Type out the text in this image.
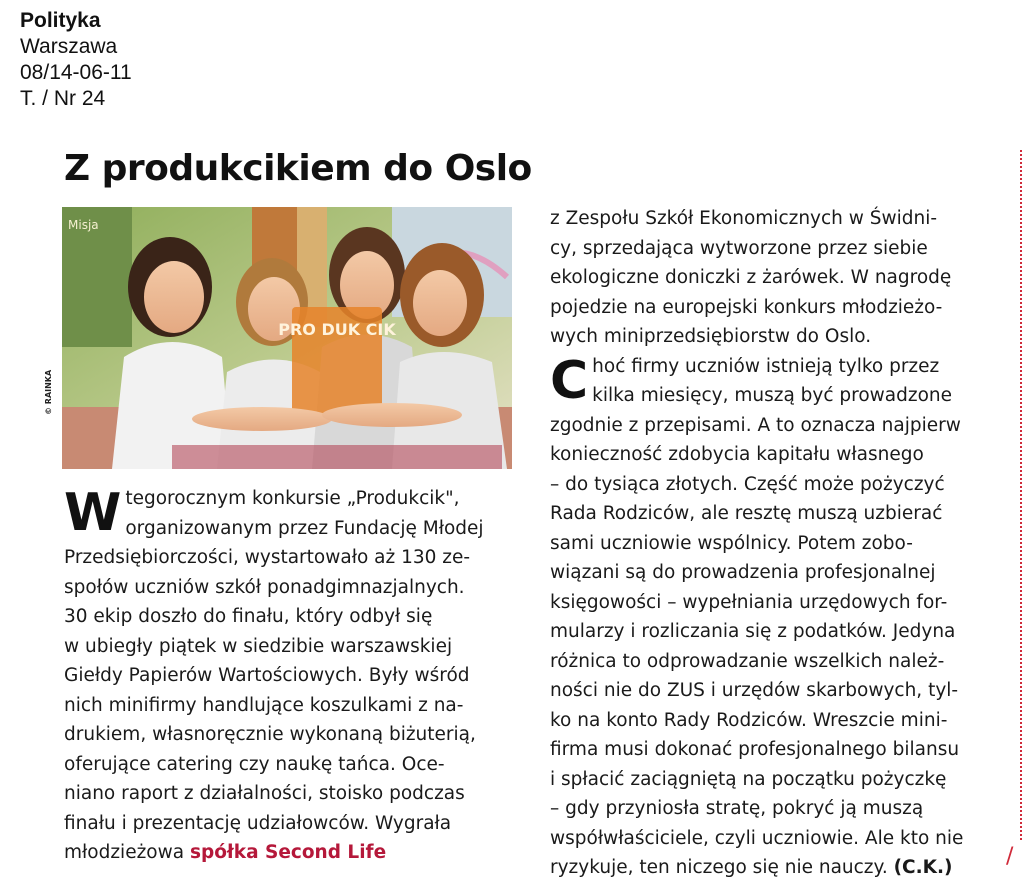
Polityka
Warszawa
08/14-06-11
T. / Nr 24
Z produkcikiem do Oslo
© RAINKA
Misja
PRO DUK CIK
W tegorocznym konkursie „Produkcik",
organizowanym przez Fundację Młodej
Przedsiębiorczości, wystartowało aż 130 ze-
społów uczniów szkół ponadgimnazjalnych.
30 ekip doszło do finału, który odbył się
w ubiegły piątek w siedzibie warszawskiej
Giełdy Papierów Wartościowych. Były wśród
nich minifirmy handlujące koszulkami z na-
drukiem, własnoręcznie wykonaną biżuterią,
oferujące catering czy naukę tańca. Oce-
niano raport z działalności, stoisko podczas
finału i prezentację udziałowców. Wygrała
młodzieżowa spółka Second Life
z Zespołu Szkół Ekonomicznych w Świdni-
cy, sprzedająca wytworzone przez siebie
ekologiczne doniczki z żarówek. W nagrodę
pojedzie na europejski konkurs młodzieżo-
wych miniprzedsiębiorstw do Oslo.
C hoć firmy uczniów istnieją tylko przez
kilka miesięcy, muszą być prowadzone
zgodnie z przepisami. A to oznacza najpierw
konieczność zdobycia kapitału własnego
– do tysiąca złotych. Część może pożyczyć
Rada Rodziców, ale resztę muszą uzbierać
sami uczniowie wspólnicy. Potem zobo-
wiązani są do prowadzenia profesjonalnej
księgowości – wypełniania urzędowych for-
mularzy i rozliczania się z podatków. Jedyna
różnica to odprowadzanie wszelkich należ-
ności nie do ZUS i urzędów skarbowych, tyl-
ko na konto Rady Rodziców. Wreszcie mini-
firma musi dokonać profesjonalnego bilansu
i spłacić zaciągniętą na początku pożyczkę
– gdy przyniosła stratę, pokryć ją muszą
współwłaściciele, czyli uczniowie. Ale kto nie
ryzykuje, ten niczego się nie nauczy. (C.K.)	/
